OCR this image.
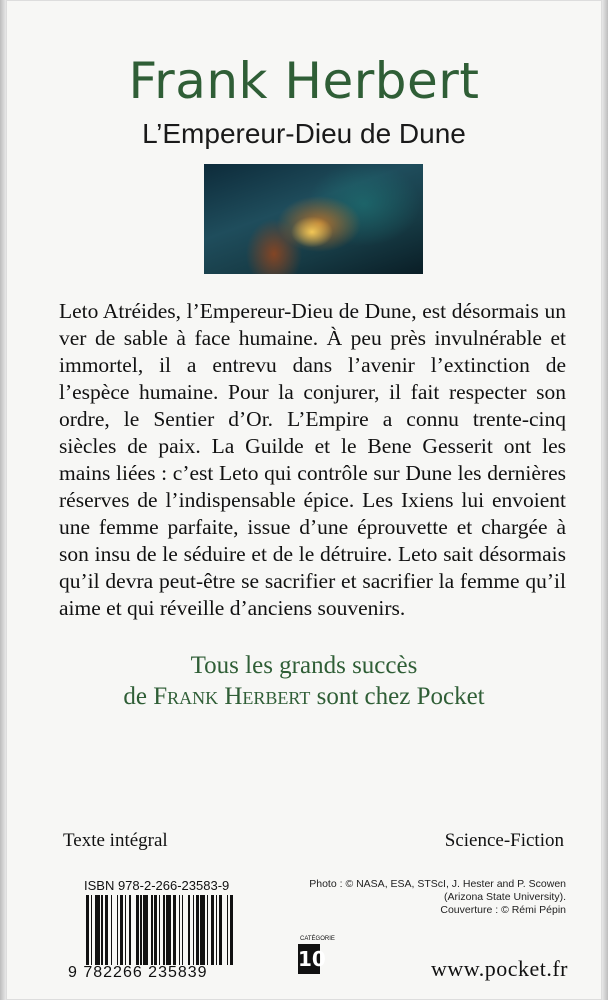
Frank Herbert
L’Empereur-Dieu de Dune

Leto Atréides, l’Empereur-Dieu de Dune, est désormais un ver de sable à face humaine. À peu près invulnérable et immortel, il a entrevu dans l’avenir l’extinction de l’espèce humaine. Pour la conjurer, il fait respecter son ordre, le Sentier d’Or. L’Empire a connu trente-cinq siècles de paix. La Guilde et le Bene Gesserit ont les mains liées : c’est Leto qui contrôle sur Dune les dernières réserves de l’indispensable épice. Les Ixiens lui envoient une femme parfaite, issue d’une éprouvette et chargée à son insu de le séduire et de le détruire. Leto sait désormais qu’il devra peut-être se sacrifier et sacrifier la femme qu’il aime et qui réveille d’anciens souvenirs.

Tous les grands succès
de Frank Herbert sont chez Pocket
Texte intégral	Science-Fiction
ISBN 978-2-266-23583-9
9 782266 235839
Photo : © NASA, ESA, STScI, J. Hester and P. Scowen
(Arizona State University).
Couverture : © Rémi Pépin
CATÉGORIE
10	www.pocket.fr
